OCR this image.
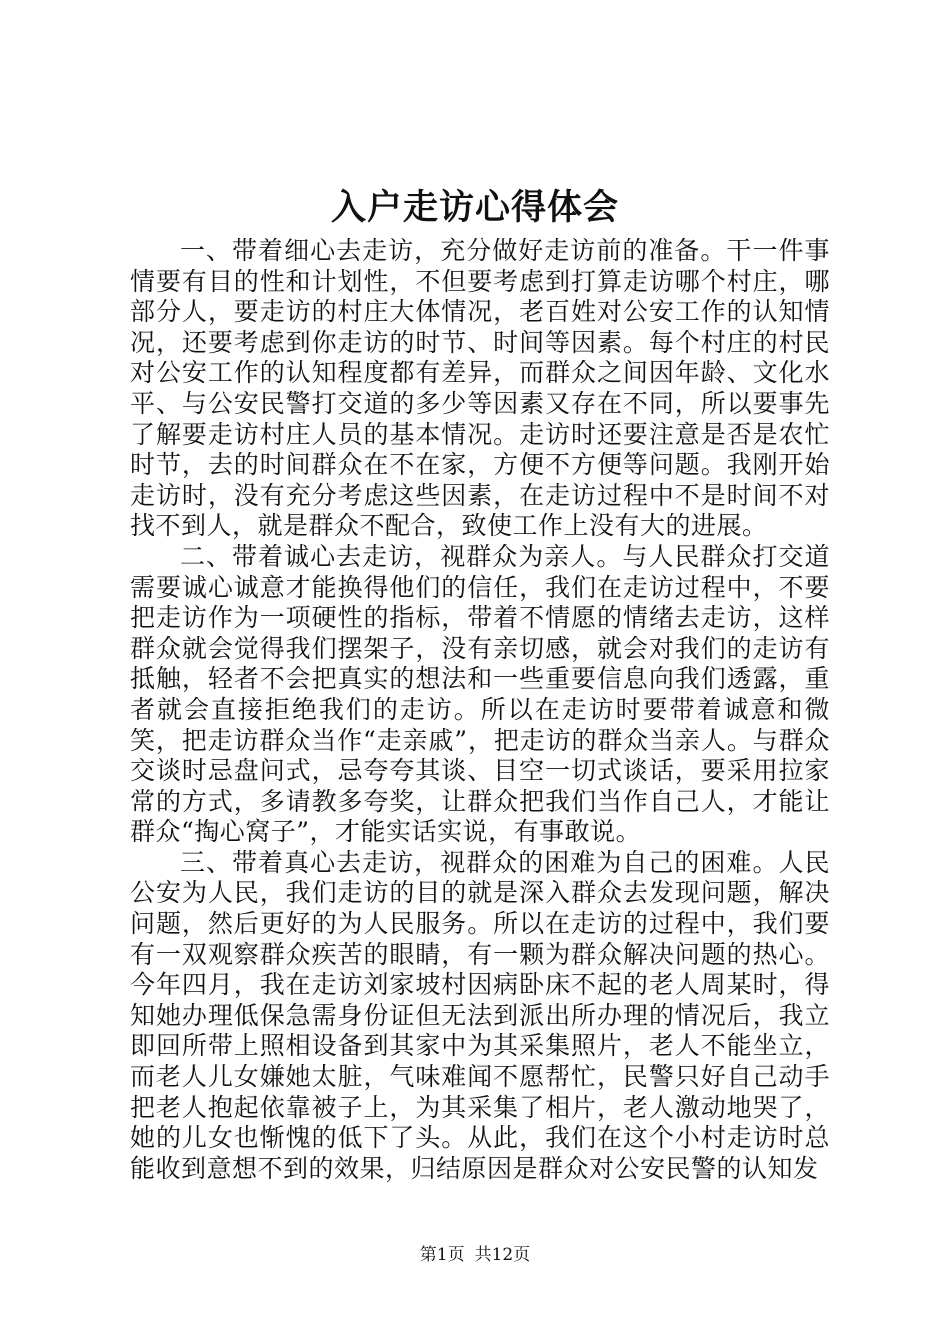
入户走访心得体会

一、带着细心去走访，充分做好走访前的准备。干一件事情要有目的性和计划性，不但要考虑到打算走访哪个村庄，哪部分人，要走访的村庄大体情况，老百姓对公安工作的认知情况，还要考虑到你走访的时节、时间等因素。每个村庄的村民对公安工作的认知程度都有差异，而群众之间因年龄、文化水平、与公安民警打交道的多少等因素又存在不同，所以要事先了解要走访村庄人员的基本情况。走访时还要注意是否是农忙时节，去的时间群众在不在家，方便不方便等问题。我刚开始走访时，没有充分考虑这些因素，在走访过程中不是时间不对找不到人，就是群众不配合，致使工作上没有大的进展。

二、带着诚心去走访，视群众为亲人。与人民群众打交道需要诚心诚意才能换得他们的信任，我们在走访过程中，不要把走访作为一项硬性的指标，带着不情愿的情绪去走访，这样群众就会觉得我们摆架子，没有亲切感，就会对我们的走访有抵触，轻者不会把真实的想法和一些重要信息向我们透露，重者就会直接拒绝我们的走访。所以在走访时要带着诚意和微笑，把走访群众当作“走亲戚”，把走访的群众当亲人。与群众交谈时忌盘问式，忌夸夸其谈、目空一切式谈话，要采用拉家常的方式，多请教多夸奖，让群众把我们当作自己人，才能让群众“掏心窝子”，才能实话实说，有事敢说。

三、带着真心去走访，视群众的困难为自己的困难。人民公安为人民，我们走访的目的就是深入群众去发现问题，解决问题，然后更好的为人民服务。所以在走访的过程中，我们要有一双观察群众疾苦的眼睛，有一颗为群众解决问题的热心。今年四月，我在走访刘家坡村因病卧床不起的老人周某时，得知她办理低保急需身份证但无法到派出所办理的情况后，我立即回所带上照相设备到其家中为其采集照片，老人不能坐立，而老人儿女嫌她太脏，气味难闻不愿帮忙，民警只好自己动手把老人抱起依靠被子上，为其采集了相片，老人激动地哭了，她的儿女也惭愧的低下了头。从此，我们在这个小村走访时总能收到意想不到的效果，归结原因是群众对公安民警的认知发

第1页 共12页
